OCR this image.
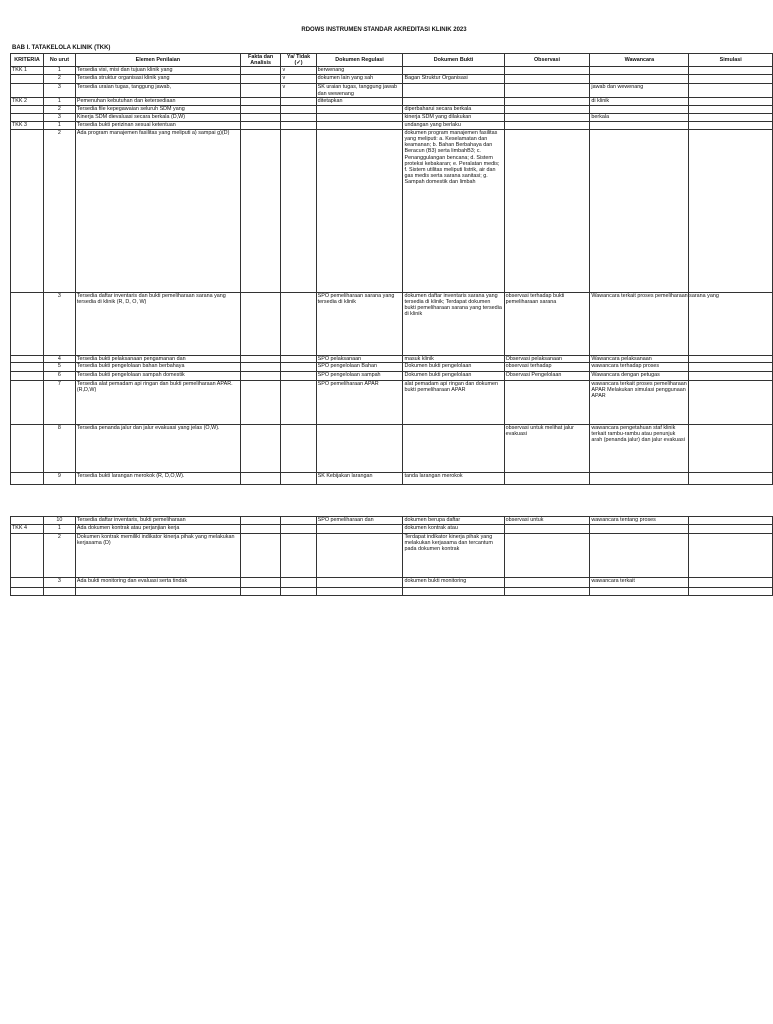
RDOWS INSTRUMEN STANDAR AKREDITASI KLINIK 2023
BAB I. TATAKELOLA KLINIK (TKK)
KRITERIA	No urut	Elemen Penilaian	Fakta dan Analisis	Ya/ Tidak (✓)	Dokumen Regulasi	Dokumen Bukti	Observasi	Wawancara	Simulasi
TKK 1	1	Tersedia visi, misi dan tujuan klinik yang		v	berwenang				
	2	Tersedia struktur organisasi klinik yang		v	dokumen lain yang sah	Bagan Struktur Organisasi			
	3	Tersedia uraian tugas, tanggung jawab,		v	SK uraian tugas, tanggung jawab dan wewenang			jawab dan wewenang	
TKK 2	1	Pemenuhan kebutuhan dan ketersediaan			ditetapkan			di klinik	
	2	Tersedia file kepegawaian seluruh SDM yang				diperbaharui secara berkala			
	3	Kinerja SDM dievaluasi secara berkala (D,W)				kinerja SDM yang dilakukan		berkala	
TKK 3	1	Tersedia bukti perizinan sesuai ketentuan				undangan yang berlaku			
	2	Ada program manajemen fasilitas yang meliputi a) sampai g)(D)				dokumen program manajemen fasilitas yang meliputi: a. Keselamatan dan keamanan; b. Bahan Berbahaya dan Beracun (B3) serta limbahB3; c. Penanggulangan bencana; d. Sistem proteksi kebakaran; e. Peralatan medis; f. Sistem utilitas meliputi listrik, air dan gas medis serta sarana sanitasi; g. Sampah domestik dan limbah			
	3	Tersedia daftar inventaris dan bukti pemeliharaan sarana yang tersedia di klinik (R, D, O, W)			SPO pemeliharaan sarana yang tersedia di klinik	dokumen daftar inventaris sarana yang tersedia di klinik; Terdapat dokumen bukti pemeliharaan sarana yang tersedia di klinik	observasi terhadap bukti pemeliharaan sarana	Wawancara terkait proses pemeliharaan sarana yang	
	4	Tersedia bukti pelaksanaan pengamanan dan			SPO pelaksanaan	masuk klinik	Observasi pelaksanaan	Wawancara pelaksanaan	
	5	Tersedia bukti pengelolaan bahan berbahaya			SPO pengelolaan Bahan	Dokumen bukti pengelolaan	observasi terhadap	wawancara terhadap proses	
	6	Tersedia bukti pengelolaan sampah domestik			SPO pengelolaan sampah	Dokumen bukti pengelolaan	Observasi Pengelolaan	Wawancara dengan petugas	
	7	Tersedia alat pemadam api ringan dan bukti pemeliharaan APAR. (R,D,W)			SPO pemeliharaan APAR	alat pemadam api ringan dan dokumen bukti pemeliharaan APAR		wawancara terkait proses pemeliharaan APAR Melakukan simulasi penggunaan APAR	
	8	Tersedia penanda jalur dan jalur evakuasi yang jelas (O,W).					observasi untuk melihat jalur evakuasi	wawancara pengetahuan staf klinik terkait rambu-rambu atau penunjuk arah (penanda jalur) dan jalur evakuasi	
	9	Tersedia bukti larangan merokok (R, D,O,W).			SK Kebijakan larangan	tanda larangan merokok			
	10	Tersedia daftar inventaris, bukti pemeliharaan			SPO pemeliharaan dan	dokumen berupa daftar	observasi untuk	wawancara tentang proses	
TKK 4	1	Ada dokumen kontrak atau perjanjian kerja				dokumen kontrak atau			
	2	Dokumen kontrak memiliki indikator kinerja pihak yang melakukan kerjasama (D)				Terdapat indikator kinerja pihak yang melakukan kerjasama dan tercantum pada dokumen kontrak			
	3	Ada bukti monitoring dan evaluasi serta tindak				dokumen bukti monitoring		wawancara terkait	
